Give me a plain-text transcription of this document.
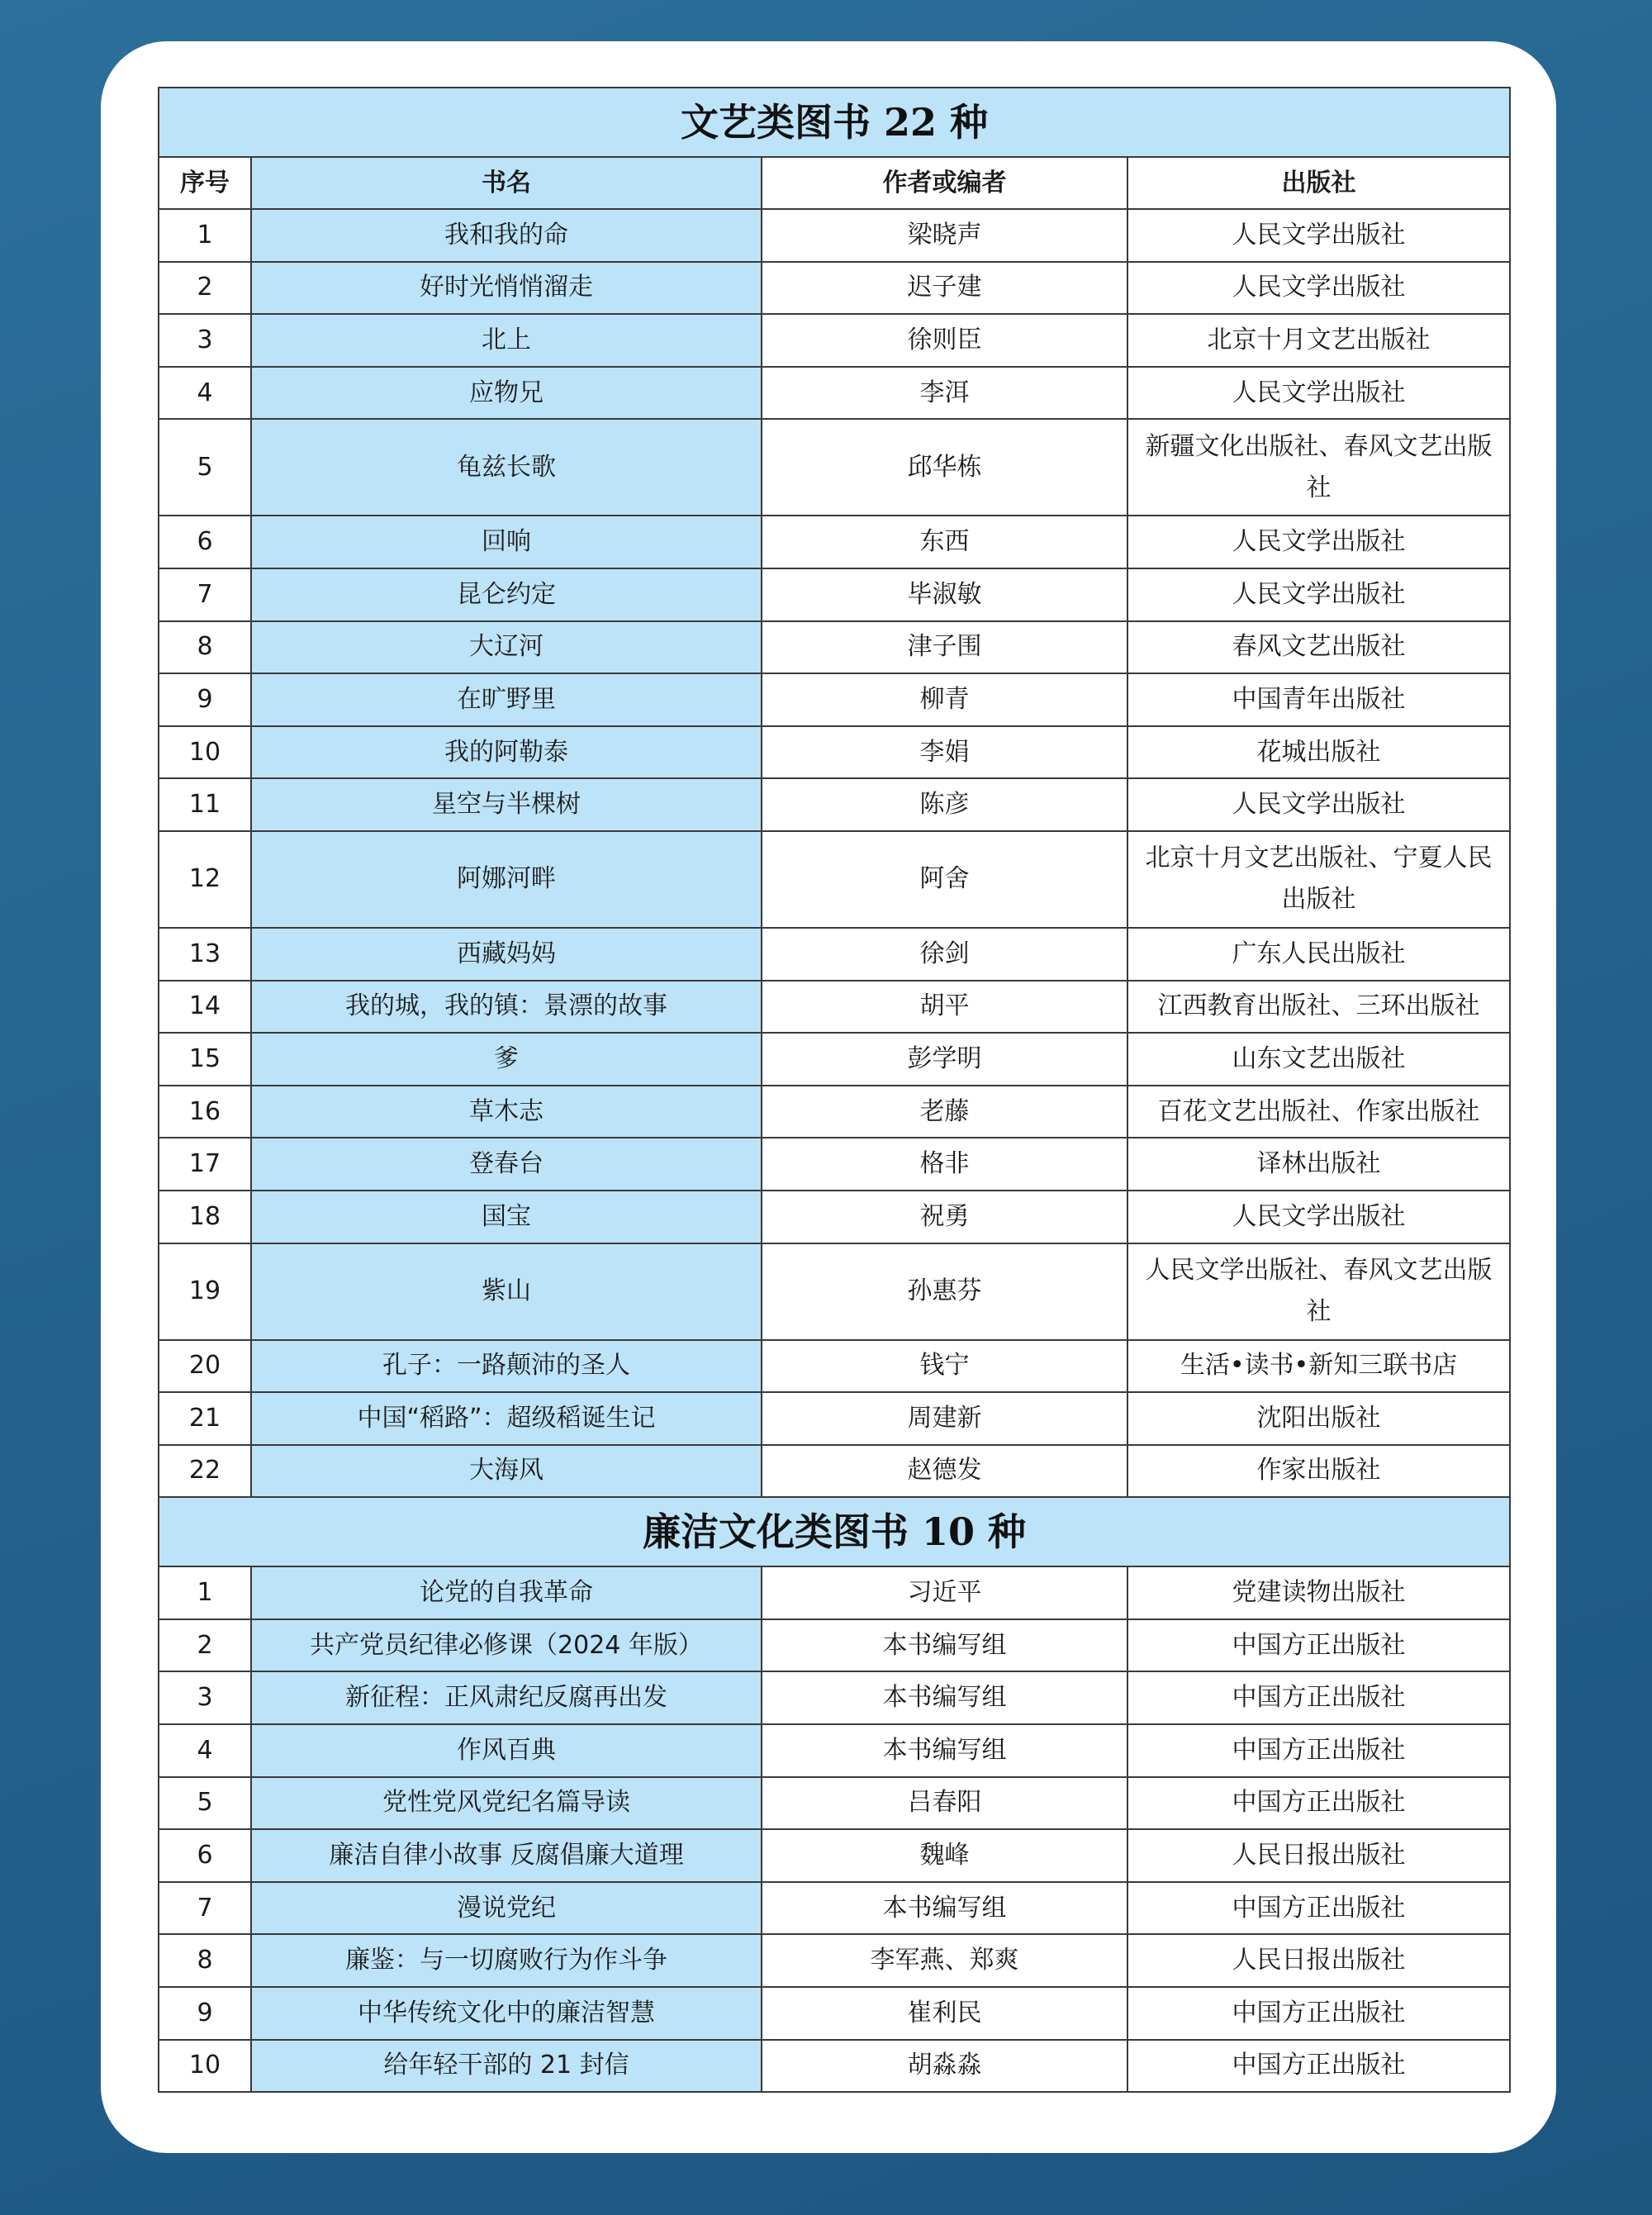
文艺类图书 22 种			
序号	书名	作者或编者	出版社
1	我和我的命	梁晓声	人民文学出版社
2	好时光悄悄溜走	迟子建	人民文学出版社
3	北上	徐则臣	北京十月文艺出版社
4	应物兄	李洱	人民文学出版社
5	龟兹长歌	邱华栋	新疆文化出版社、春风文艺出版社
6	回响	东西	人民文学出版社
7	昆仑约定	毕淑敏	人民文学出版社
8	大辽河	津子围	春风文艺出版社
9	在旷野里	柳青	中国青年出版社
10	我的阿勒泰	李娟	花城出版社
11	星空与半棵树	陈彦	人民文学出版社
12	阿娜河畔	阿舍	北京十月文艺出版社、宁夏人民出版社
13	西藏妈妈	徐剑	广东人民出版社
14	我的城，我的镇：景漂的故事	胡平	江西教育出版社、三环出版社
15	爹	彭学明	山东文艺出版社
16	草木志	老藤	百花文艺出版社、作家出版社
17	登春台	格非	译林出版社
18	国宝	祝勇	人民文学出版社
19	紫山	孙惠芬	人民文学出版社、春风文艺出版社
20	孔子：一路颠沛的圣人	钱宁	生活•读书•新知三联书店
21	中国“稻路”：超级稻诞生记	周建新	沈阳出版社
22	大海风	赵德发	作家出版社
廉洁文化类图书 10 种			
1	论党的自我革命	习近平	党建读物出版社
2	共产党员纪律必修课（2024 年版）	本书编写组	中国方正出版社
3	新征程：正风肃纪反腐再出发	本书编写组	中国方正出版社
4	作风百典	本书编写组	中国方正出版社
5	党性党风党纪名篇导读	吕春阳	中国方正出版社
6	廉洁自律小故事 反腐倡廉大道理	魏峰	人民日报出版社
7	漫说党纪	本书编写组	中国方正出版社
8	廉鉴：与一切腐败行为作斗争	李军燕、郑爽	人民日报出版社
9	中华传统文化中的廉洁智慧	崔利民	中国方正出版社
10	给年轻干部的 21 封信	胡淼淼	中国方正出版社
